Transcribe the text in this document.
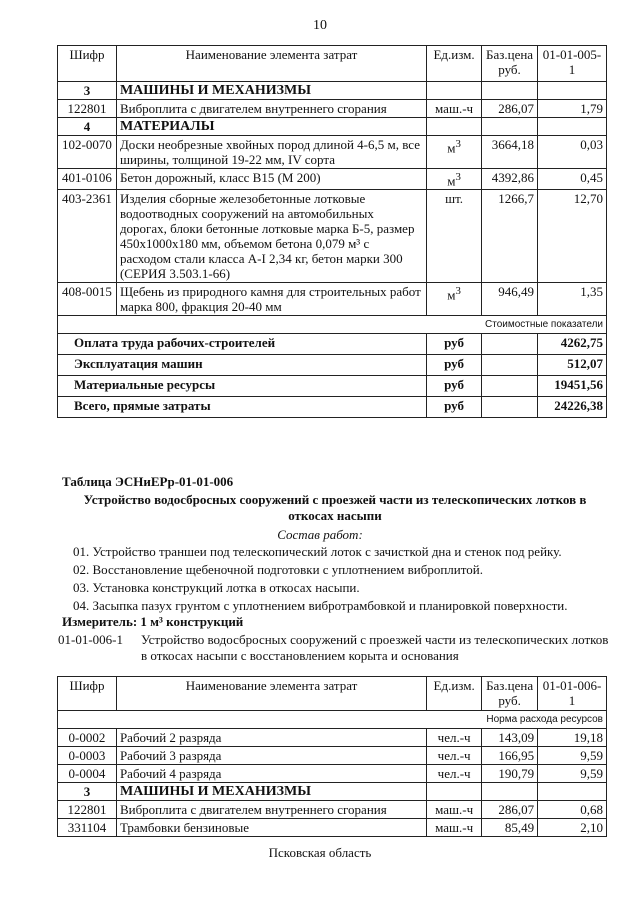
10
Шифр	Наименование элемента затрат	Ед.изм.	Баз.цена руб.	01-01-005-1
3	МАШИНЫ И МЕХАНИЗМЫ			
122801	Виброплита с двигателем внутреннего сгорания	маш.-ч	286,07	1,79
4	МАТЕРИАЛЫ			
102-0070	Доски необрезные хвойных пород длиной 4-6,5 м, все ширины, толщиной 19-22 мм, IV сорта	$м^3$	3664,18	0,03
401-0106	Бетон дорожный, класс В15 (М 200)	$м^3$	4392,86	0,45
403-2361	Изделия сборные железобетонные лотковые водоотводных сооружений на автомобильных дорогах, блоки бетонные лотковые марка Б-5, размер 450х1000х180 мм, объемом бетона 0,079 м³ с расходом стали класса А-I 2,34 кг, бетон марки 300 (СЕРИЯ 3.503.1-66)	шт.	1266,7	12,70
408-0015	Щебень из природного камня для строительных работ марка 800, фракция 20-40 мм	$м^3$	946,49	1,35
Стоимостные показатели				
Оплата труда рабочих-строителей		руб		4262,75
Эксплуатация машин		руб		512,07
Материальные ресурсы		руб		19451,56
Всего, прямые затраты		руб		24226,38
Таблица ЭСНиЕРр-01-01-006
Устройство водосбросных сооружений с проезжей части из телескопических лотков в откосах насыпи
Состав работ:
01. Устройство траншеи под телескопический лоток с зачисткой дна и стенок под рейку.
02. Восстановление щебеночной подготовки с уплотнением виброплитой.
03. Установка конструкций лотка в откосах насыпи.
04. Засыпка пазух грунтом с уплотнением вибротрамбовкой и планировкой поверхности.
Измеритель: 1 м³ конструкций
01-01-006-1	Устройство водосбросных сооружений с проезжей части из телескопических лотков в откосах насыпи с восстановлением корыта и основания
Шифр	Наименование элемента затрат	Ед.изм.	Баз.цена руб.	01-01-006-1
Норма расхода ресурсов				
0-0002	Рабочий 2 разряда	чел.-ч	143,09	19,18
0-0003	Рабочий 3 разряда	чел.-ч	166,95	9,59
0-0004	Рабочий 4 разряда	чел.-ч	190,79	9,59
3	МАШИНЫ И МЕХАНИЗМЫ			
122801	Виброплита с двигателем внутреннего сгорания	маш.-ч	286,07	0,68
331104	Трамбовки бензиновые	маш.-ч	85,49	2,10
Псковская область
